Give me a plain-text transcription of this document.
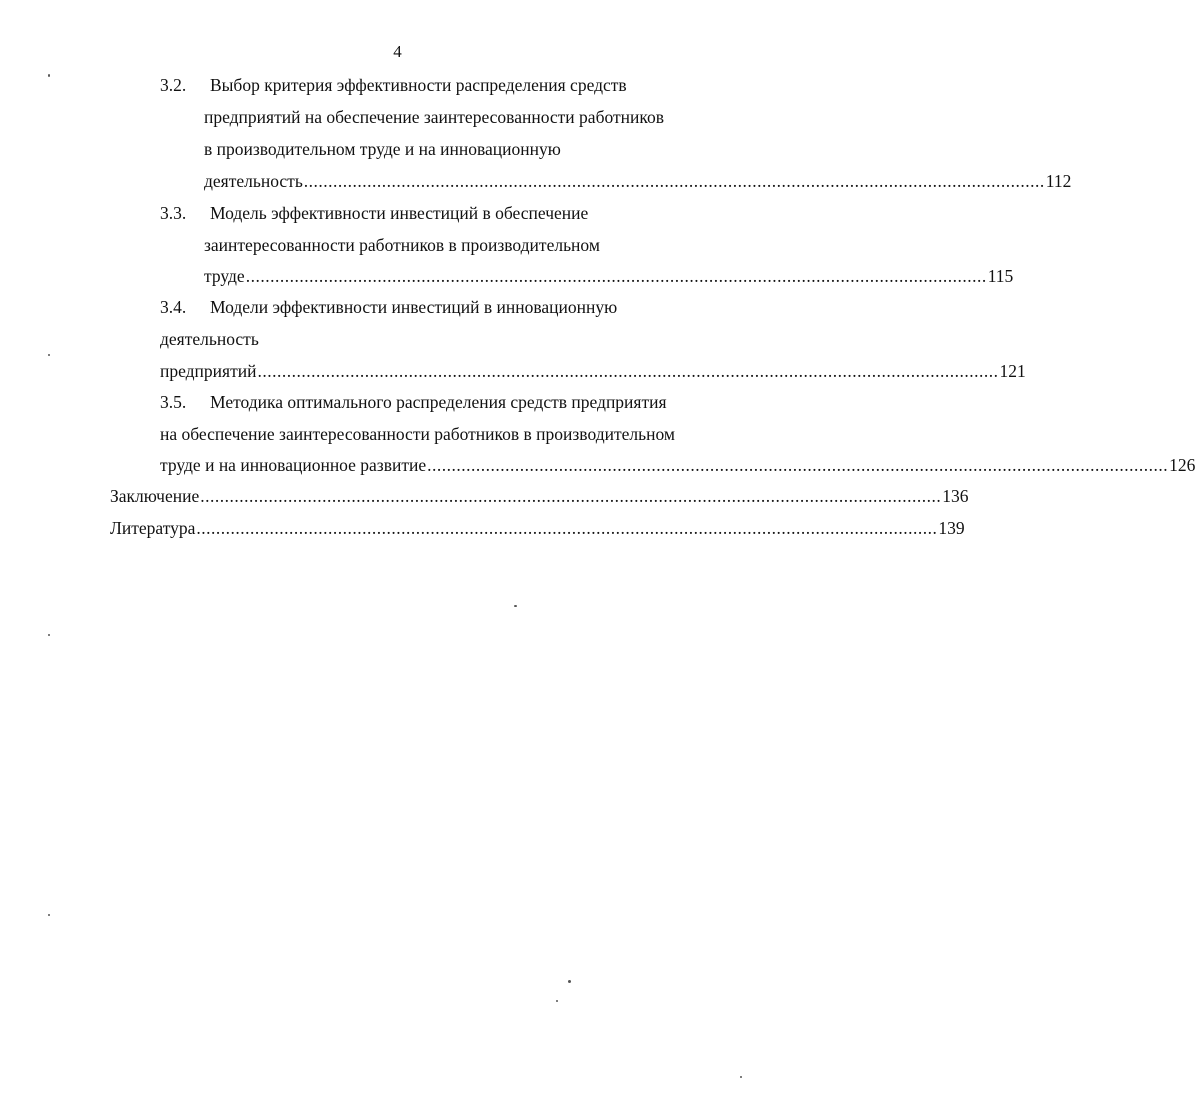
4
3.2. Выбор критерия эффективности распределения средств
предприятий на обеспечение заинтересованности работников
в производительном труде и на инновационную
деятельность ........................................................................................................................................................ 112
3.3. Модель эффективности инвестиций в обеспечение
заинтересованности работников в производительном
труде ........................................................................................................................................................ 115
3.4. Модели эффективности инвестиций в инновационную
деятельность
предприятий ........................................................................................................................................................ 121
3.5. Методика оптимального распределения средств предприятия
на обеспечение заинтересованности работников в производительном
труде и на инновационное развитие ........................................................................................................................................................ 126
Заключение ........................................................................................................................................................ 136
Литература ........................................................................................................................................................ 139
